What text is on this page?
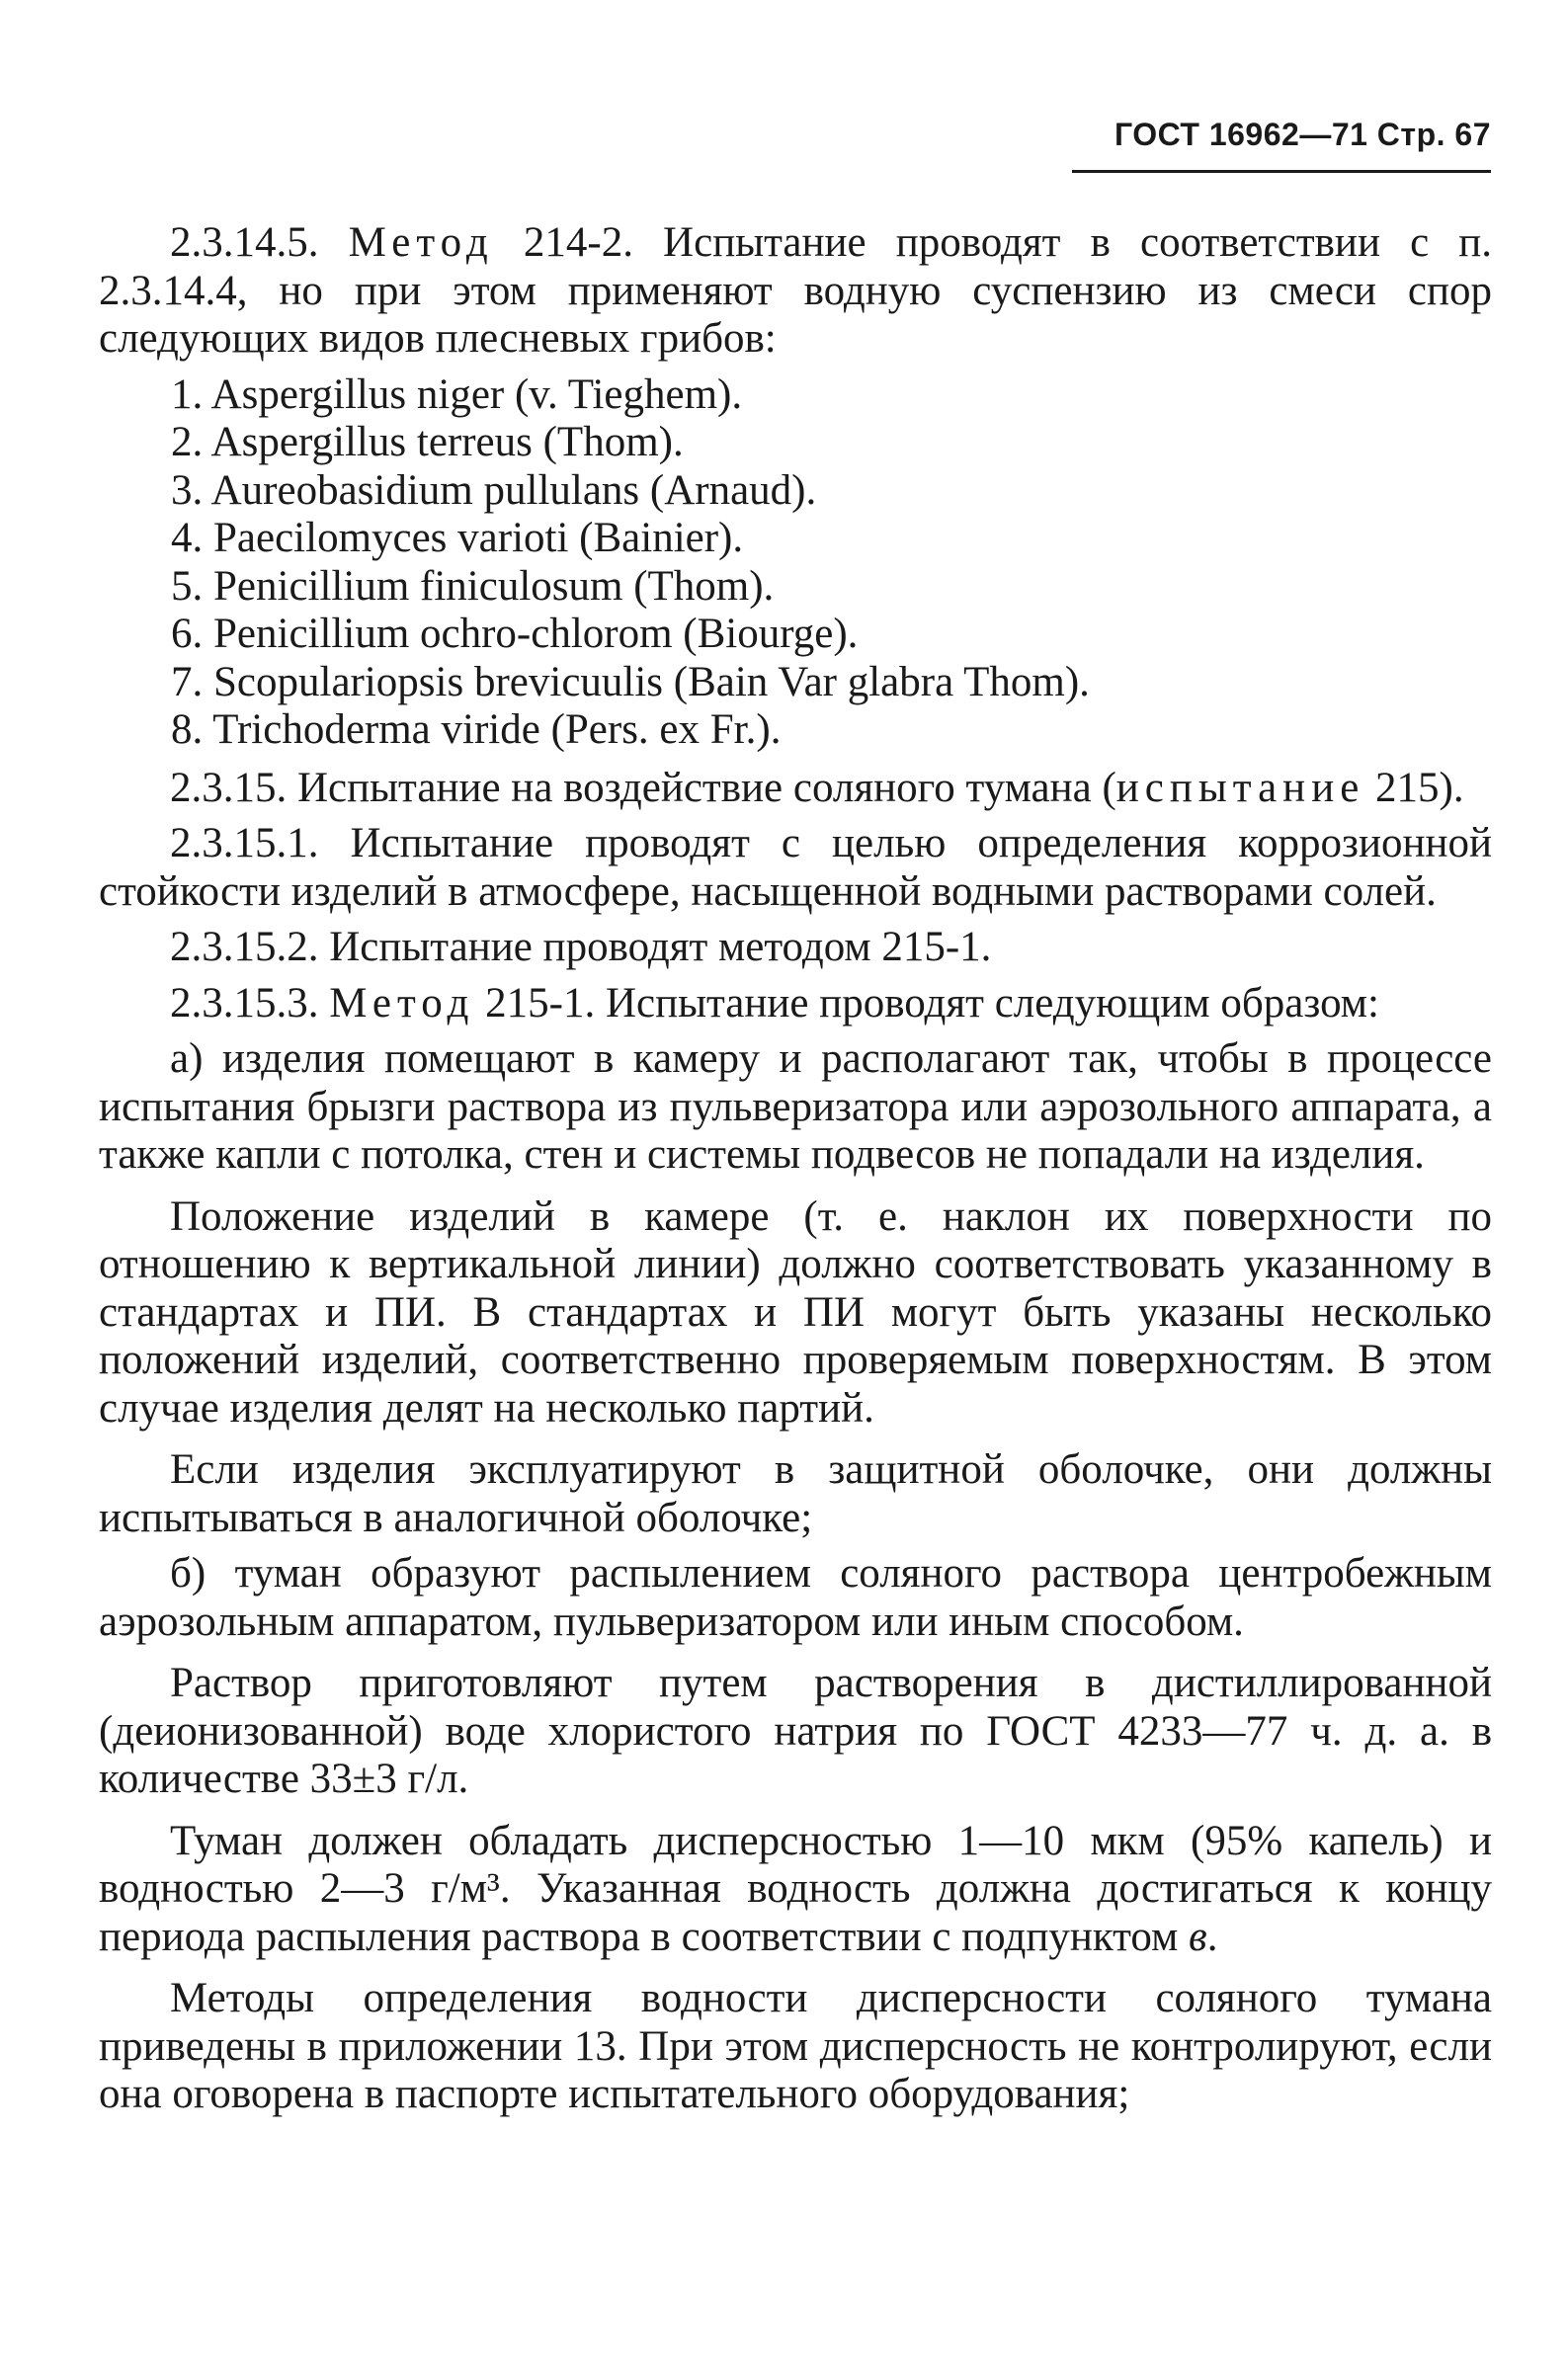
ГОСТ 16962—71 Стр. 67

2.3.14.5. Метод 214-2. Испытание проводят в соответствии с п. 2.3.14.4, но при этом применяют водную суспензию из смеси спор следующих видов плесневых грибов:

1. Aspergillus niger (v. Tieghem).
2. Aspergillus terreus (Thom).
3. Aureobasidium pullulans (Arnaud).
4. Paecilomyces varioti (Bainier).
5. Penicillium finiculosum (Thom).
6. Penicillium ochro-chlorom (Biourge).
7. Scopulariopsis brevicuulis (Bain Var glabra Thom).
8. Trichoderma viride (Pers. ex Fr.).

2.3.15. Испытание на воздействие соляного тумана (испытание 215).

2.3.15.1. Испытание проводят с целью определения коррозионной стойкости изделий в атмосфере, насыщенной водными растворами солей.

2.3.15.2. Испытание проводят методом 215-1.

2.3.15.3. Метод 215-1. Испытание проводят следующим образом:

а) изделия помещают в камеру и располагают так, чтобы в процессе испытания брызги раствора из пульверизатора или аэрозольного аппарата, а также капли с потолка, стен и системы подвесов не попадали на изделия.

Положение изделий в камере (т. е. наклон их поверхности по отношению к вертикальной линии) должно соответствовать указанному в стандартах и ПИ. В стандартах и ПИ могут быть указаны несколько положений изделий, соответственно проверяемым поверхностям. В этом случае изделия делят на несколько партий.

Если изделия эксплуатируют в защитной оболочке, они должны испытываться в аналогичной оболочке;

б) туман образуют распылением соляного раствора центробежным аэрозольным аппаратом, пульверизатором или иным способом.

Раствор приготовляют путем растворения в дистиллированной (деионизованной) воде хлористого натрия по ГОСТ 4233—77 ч. д. а. в количестве 33±3 г/л.

Туман должен обладать дисперсностью 1—10 мкм (95% капель) и водностью 2—3 г/м³. Указанная водность должна достигаться к концу периода распыления раствора в соответствии с подпунктом в.

Методы определения водности дисперсности соляного тумана приведены в приложении 13. При этом дисперсность не контролируют, если она оговорена в паспорте испытательного оборудования;
